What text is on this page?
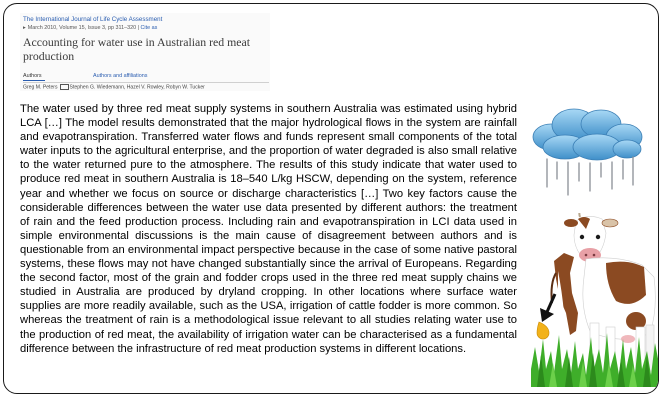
The International Journal of Life Cycle Assessment
▸ March 2010, Volume 15, Issue 3, pp 311–320 | Cite as
Accounting for water use in Australian red meat production
Authors	Authors and affiliations
Greg M. Peters Stephen G. Wiedemann, Hazel V. Rowley, Robyn W. Tucker

The water used by three red meat supply systems in southern Australia was estimated using hybrid LCA […] The model results demonstrated that the major hydrological flows in the system are rainfall and evapotranspiration. Transferred water flows and funds represent small components of the total water inputs to the agricultural enterprise, and the proportion of water degraded is also small relative to the water returned pure to the atmosphere. The results of this study indicate that water used to produce red meat in southern Australia is 18–540 L/kg HSCW, depending on the system, reference year and whether we focus on source or discharge characteristics […] Two key factors cause the considerable differences between the water use data presented by different authors: the treatment of rain and the feed production process. Including rain and evapotranspiration in LCI data used in simple environmental discussions is the main cause of disagreement between authors and is questionable from an environmental impact perspective because in the case of some native pastoral systems, these flows may not have changed substantially since the arrival of Europeans. Regarding the second factor, most of the grain and fodder crops used in the three red meat supply chains we studied in Australia are produced by dryland cropping. In other locations where surface water supplies are more readily available, such as the USA, irrigation of cattle fodder is more common. So whereas the treatment of rain is a methodological issue relevant to all studies relating water use to the production of red meat, the availability of irrigation water can be characterised as a fundamental difference between the infrastructure of red meat production systems in different locations.
